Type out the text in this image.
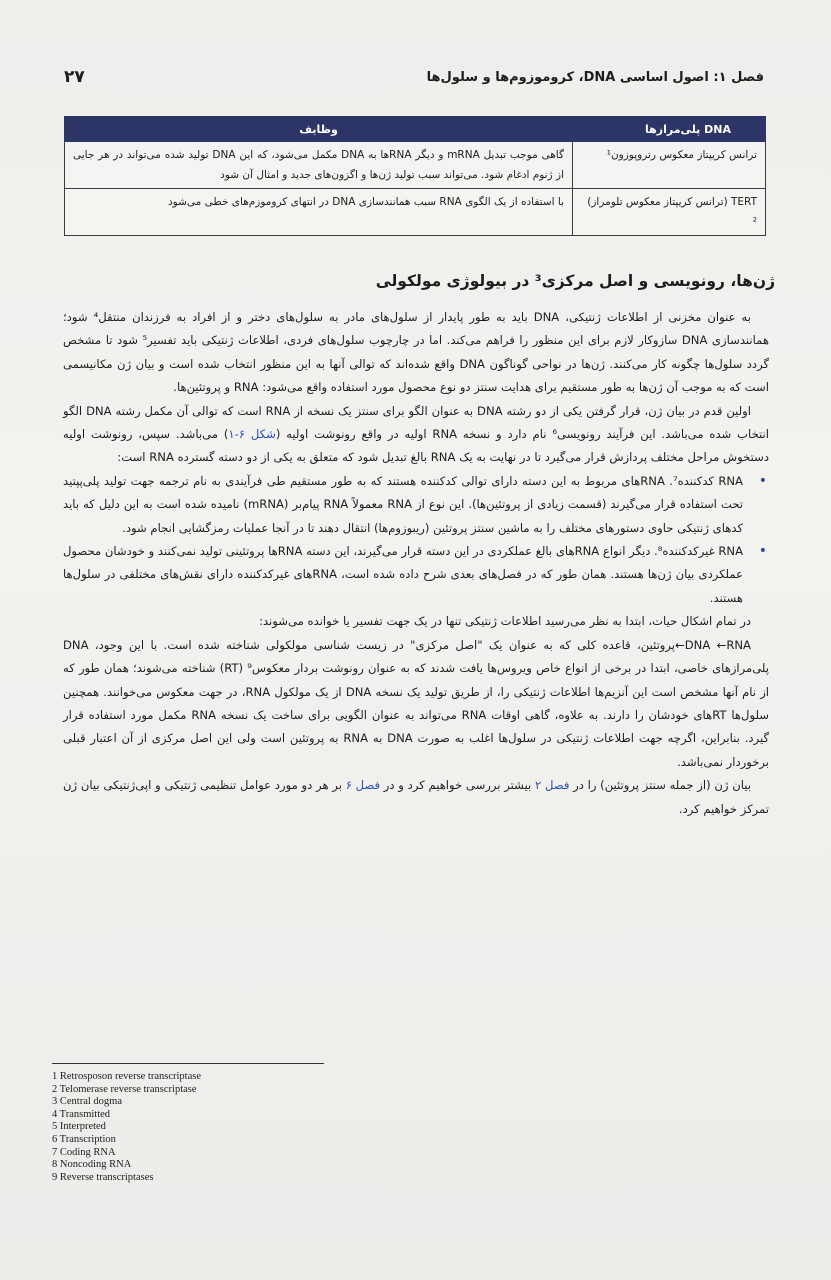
۲۷	فصل ۱: اصول اساسی DNA، کروموزوم‌ها و سلول‌ها
DNA پلی‌مرازها	وظایف
ترانس کریپتاز معکوس رتروپوزون¹	گاهی موجب تبدیل mRNA و دیگر RNAها به DNA مکمل می‌شود، که این DNA تولید شده می‌تواند در هر جایی از ژنوم ادغام شود. می‌تواند سبب تولید ژن‌ها و اگزون‌های جدید و امثال آن شود
TERT (ترانس کریپتاز معکوس تلومراز) ²	با استفاده از یک الگوی RNA سبب همانندسازی DNA در انتهای کروموزم‌های خطی می‌شود
ژن‌ها، رونویسی و اصل مرکزی³ در بیولوژی مولکولی

به عنوان مخزنی از اطلاعات ژنتیکی، DNA باید به طور پایدار از سلول‌های مادر به سلول‌های دختر و از افراد به فرزندان منتقل⁴ شود؛ همانندسازی DNA سازوکار لازم برای این منظور را فراهم می‌کند. اما در چارچوب سلول‌های فردی، اطلاعات ژنتیکی باید تفسیر⁵ شود تا مشخص گردد سلول‌ها چگونه کار می‌کنند. ژن‌ها در نواحی گوناگون DNA واقع شده‌اند که توالی آنها به این منظور انتخاب شده است و بیان ژن مکانیسمی است که به موجب آن ژن‌ها به طور مستقیم برای هدایت سنتز دو نوع محصول مورد استفاده واقع می‌شود: RNA و پروتئین‌ها.

اولین قدم در بیان ژن، قرار گرفتن یکی از دو رشته DNA به عنوان الگو برای سنتز یک نسخه از RNA است که توالی آن مکمل رشته DNA الگو انتخاب شده می‌باشد. این فرآیند رونویسی⁶ نام دارد و نسخه RNA اولیه در واقع رونوشت اولیه (شکل ۶-۱) می‌باشد. سپس، رونوشت اولیه دستخوش مراحل مختلف پردازش قرار می‌گیرد تا در نهایت به یک RNA بالغ تبدیل شود که متعلق به یکی از دو دسته گسترده RNA است:

• RNA کدکننده⁷. RNAهای مربوط به این دسته دارای توالی کدکننده هستند که به طور مستقیم طی فرآیندی به نام ترجمه جهت تولید پلی‌پپتید تحت استفاده قرار می‌گیرند (قسمت زیادی از پروتئین‌ها). این نوع از RNA معمولاً RNA پیام‌بر (mRNA) نامیده شده است به این دلیل که باید کدهای ژنتیکی حاوی دستورهای مختلف را به ماشین سنتز پروتئین (ریبوزوم‌ها) انتقال دهند تا در آنجا عملیات رمزگشایی انجام شود.
• RNA غیرکدکننده⁸. دیگر انواع RNAهای بالغ عملکردی در این دسته قرار می‌گیرند، این دسته RNAها پروتئینی تولید نمی‌کنند و خودشان محصول عملکردی بیان ژن‌ها هستند. همان طور که در فصل‌های بعدی شرح داده شده است، RNAهای غیرکدکننده دارای نقش‌های مختلفی در سلول‌ها هستند.

در تمام اشکال حیات، ابتدا به نظر می‌رسید اطلاعات ژنتیکی تنها در یک جهت تفسیر یا خوانده می‌شوند:

DNA ←RNA←پروتئین، قاعده کلی که به عنوان یک "اصل مرکزی" در زیست شناسی مولکولی شناخته شده است. با این وجود، DNA پلی‌مرازهای خاصی، ابتدا در برخی از انواع خاص ویروس‌ها یافت شدند که به عنوان رونوشت بردار معکوس⁹ (RT) شناخته می‌شوند؛ همان طور که از نام آنها مشخص است این آنزیم‌ها اطلاعات ژنتیکی را، از طریق تولید یک نسخه DNA از یک مولکول RNA، در جهت معکوس می‌خوانند. همچنین سلول‌ها RTهای خودشان را دارند. به علاوه، گاهی اوقات RNA می‌تواند به عنوان الگویی برای ساخت یک نسخه RNA مکمل مورد استفاده قرار گیرد. بنابراین، اگرچه جهت اطلاعات ژنتیکی در سلول‌ها اغلب به صورت DNA به RNA به پروتئین است ولی این اصل مرکزی از آن اعتبار قبلی برخوردار نمی‌باشد.

بیان ژن (از جمله سنتز پروتئین) را در فصل ۲ بیشتر بررسی خواهیم کرد و در فصل ۶ بر هر دو مورد عوامل تنظیمی ژنتیکی و اپی‌ژنتیکی بیان ژن تمرکز خواهیم کرد.

1 Retrosposon reverse transcriptase
2 Telomerase reverse transcriptase
3 Central dogma
4 Transmitted
5 Interpreted
6 Transcription
7 Coding RNA
8 Noncoding RNA
9 Reverse transcriptases
